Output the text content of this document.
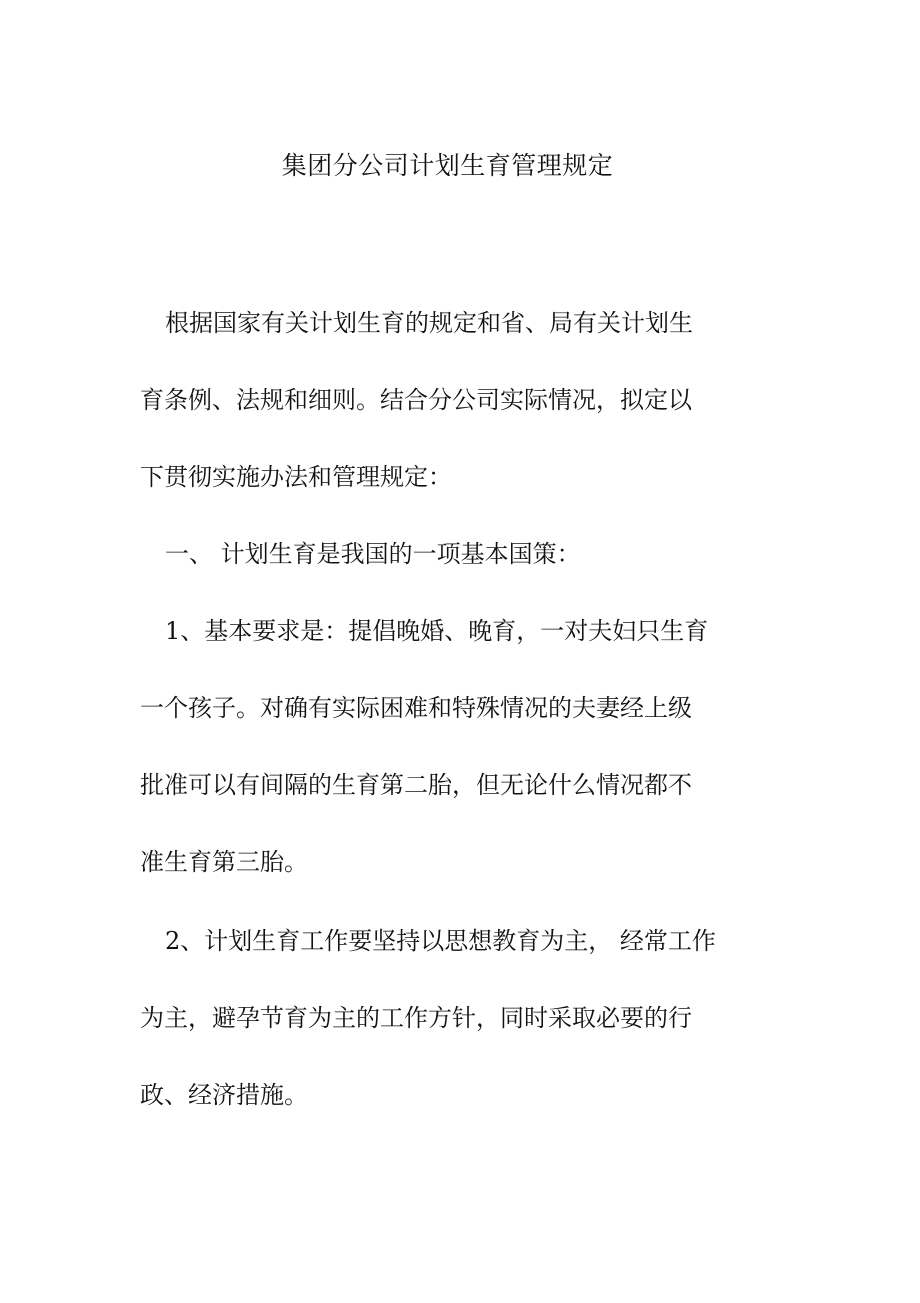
集团分公司计划生育管理规定
根据国家有关计划生育的规定和省、局有关计划生
育条例、法规和细则。结合分公司实际情况，拟定以
下贯彻实施办法和管理规定：
一、 计划生育是我国的一项基本国策：
1、基本要求是：提倡晚婚、晚育，一对夫妇只生育
一个孩子。对确有实际困难和特殊情况的夫妻经上级
批准可以有间隔的生育第二胎，但无论什么情况都不
准生育第三胎。
2、计划生育工作要坚持以思想教育为主， 经常工作
为主，避孕节育为主的工作方针，同时采取必要的行
政、经济措施。
